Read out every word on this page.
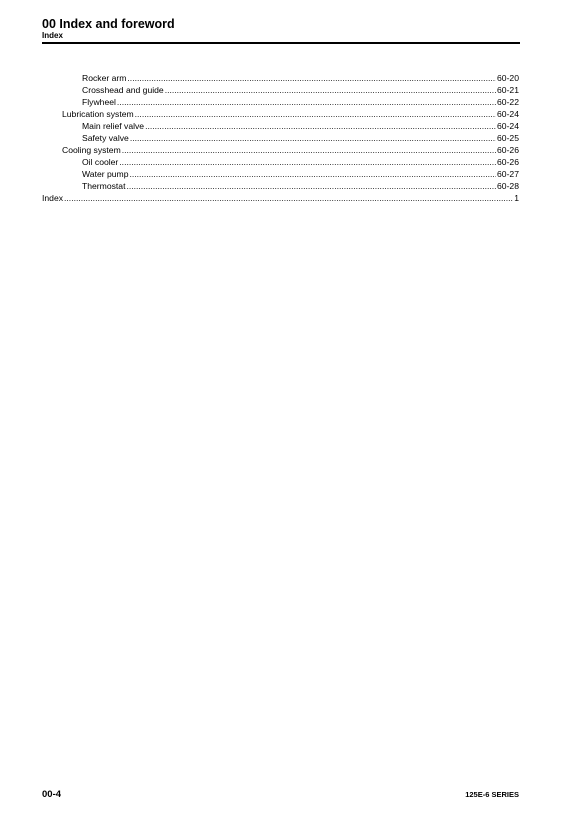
00 Index and foreword
Index
Rocker arm .....	60-20
Crosshead and guide .....	60-21
Flywheel .....	60-22
Lubrication system .....	60-24
Main relief valve .....	60-24
Safety valve .....	60-25
Cooling system .....	60-26
Oil cooler .....	60-26
Water pump .....	60-27
Thermostat .....	60-28
Index .....	1
00-4	125E-6 SERIES
